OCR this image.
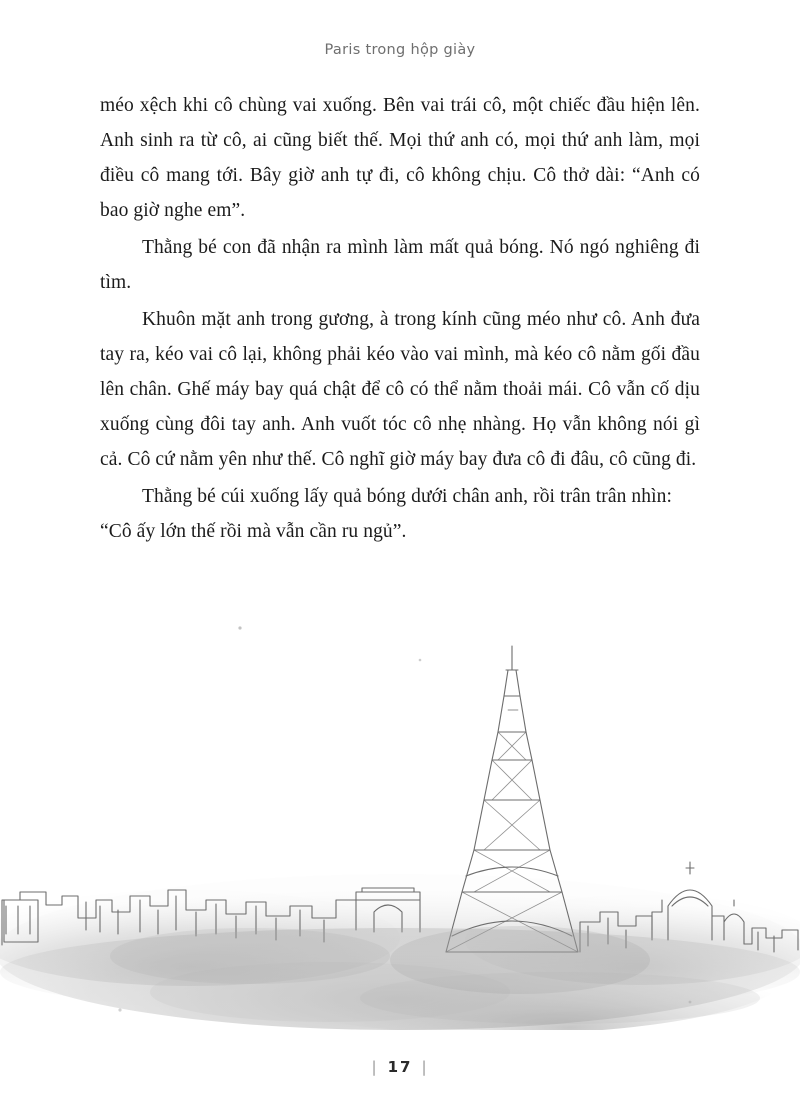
Paris trong hộp giày

méo xệch khi cô chùng vai xuống. Bên vai trái cô, một chiếc đầu hiện lên. Anh sinh ra từ cô, ai cũng biết thế. Mọi thứ anh có, mọi thứ anh làm, mọi điều cô mang tới. Bây giờ anh tự đi, cô không chịu. Cô thở dài: “Anh có bao giờ nghe em”.

Thằng bé con đã nhận ra mình làm mất quả bóng. Nó ngó nghiêng đi tìm.

Khuôn mặt anh trong gương, à trong kính cũng méo như cô. Anh đưa tay ra, kéo vai cô lại, không phải kéo vào vai mình, mà kéo cô nằm gối đầu lên chân. Ghế máy bay quá chật để cô có thể nằm thoải mái. Cô vẫn cố dịu xuống cùng đôi tay anh. Anh vuốt tóc cô nhẹ nhàng. Họ vẫn không nói gì cả. Cô cứ nằm yên như thế. Cô nghĩ giờ máy bay đưa cô đi đâu, cô cũng đi.

Thằng bé cúi xuống lấy quả bóng dưới chân anh, rồi trân trân nhìn: “Cô ấy lớn thế rồi mà vẫn cần ru ngủ”.

| 17 |
